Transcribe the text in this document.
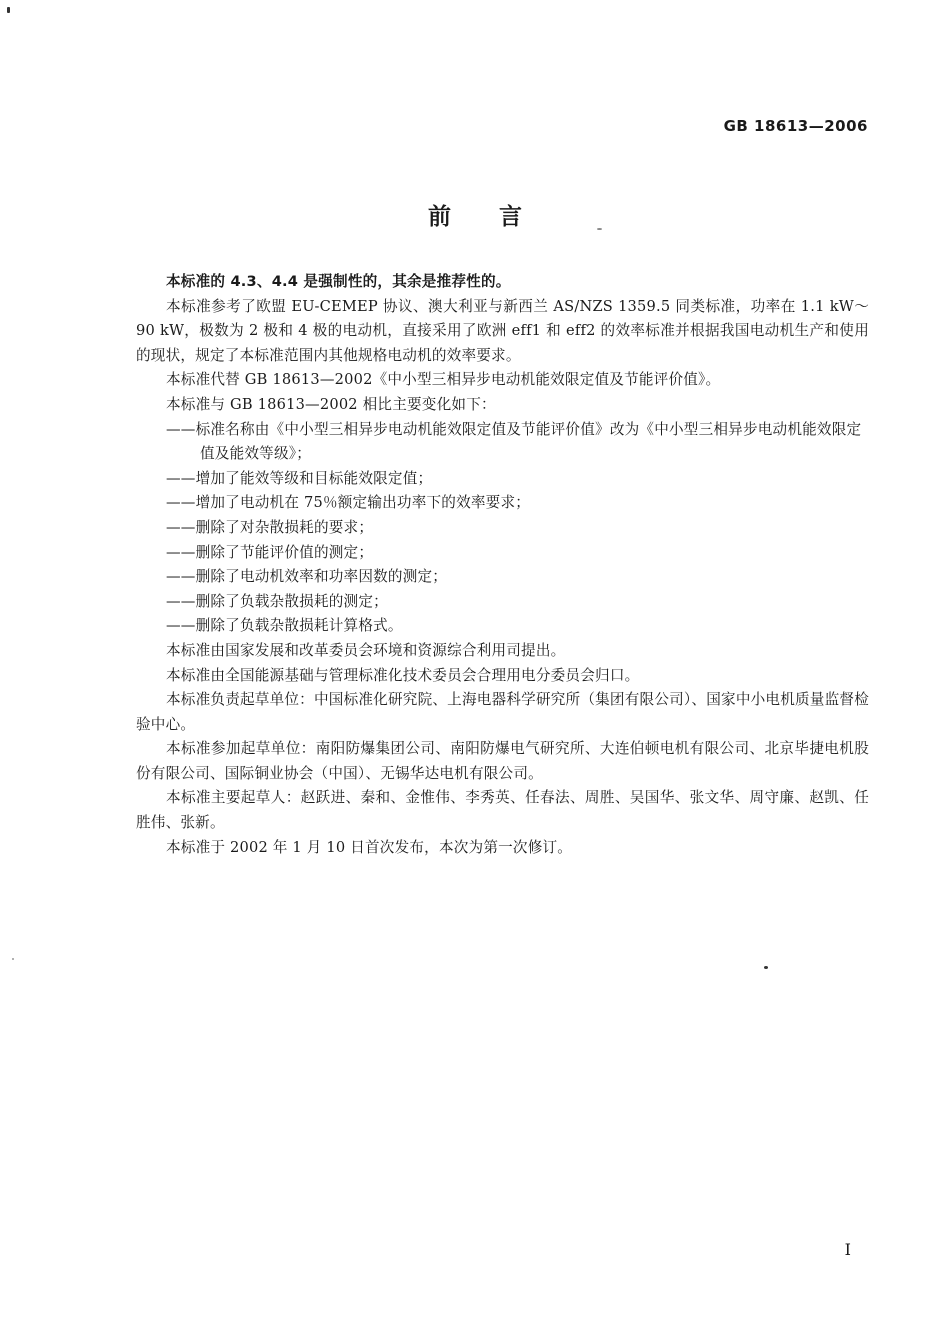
GB 18613—2006
前言

本标准的 4.3、4.4 是强制性的，其余是推荐性的。

本标准参考了欧盟 EU-CEMEP 协议、澳大利亚与新西兰 AS/NZS 1359.5 同类标准，功率在 1.1 kW～90 kW，极数为 2 极和 4 极的电动机，直接采用了欧洲 eff1 和 eff2 的效率标准并根据我国电动机生产和使用的现状，规定了本标准范围内其他规格电动机的效率要求。

本标准代替 GB 18613—2002《中小型三相异步电动机能效限定值及节能评价值》。

本标准与 GB 18613—2002 相比主要变化如下：

——标准名称由《中小型三相异步电动机能效限定值及节能评价值》改为《中小型三相异步电动机能效限定值及能效等级》；
——增加了能效等级和目标能效限定值；
——增加了电动机在 75％额定输出功率下的效率要求；
——删除了对杂散损耗的要求；
——删除了节能评价值的测定；
——删除了电动机效率和功率因数的测定；
——删除了负载杂散损耗的测定；
——删除了负载杂散损耗计算格式。

本标准由国家发展和改革委员会环境和资源综合利用司提出。

本标准由全国能源基础与管理标准化技术委员会合理用电分委员会归口。

本标准负责起草单位：中国标准化研究院、上海电器科学研究所（集团有限公司）、国家中小电机质量监督检验中心。

本标准参加起草单位：南阳防爆集团公司、南阳防爆电气研究所、大连伯顿电机有限公司、北京毕捷电机股份有限公司、国际铜业协会（中国）、无锡华达电机有限公司。

本标准主要起草人：赵跃进、秦和、金惟伟、李秀英、任春法、周胜、吴国华、张文华、周守廉、赵凯、任胜伟、张新。

本标准于 2002 年 1 月 10 日首次发布，本次为第一次修订。

I
